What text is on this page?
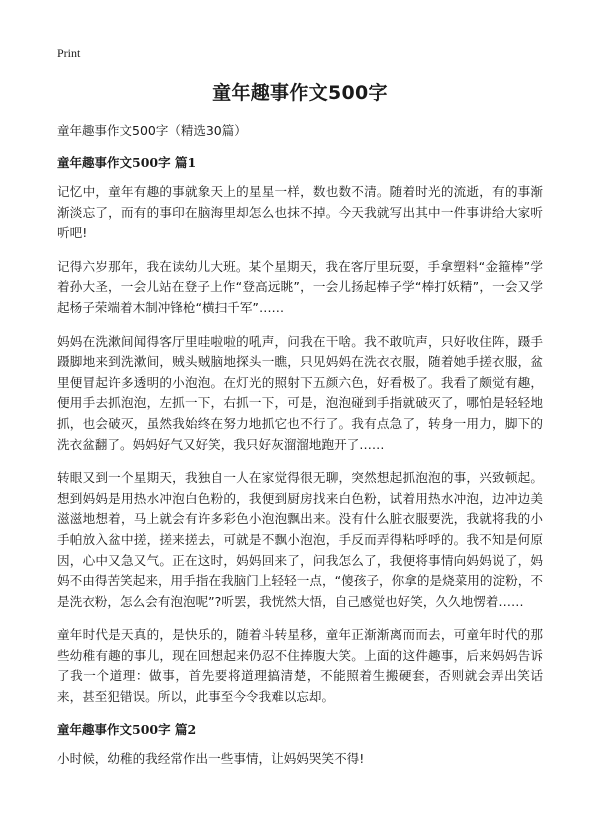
Print
童年趣事作文500字
童年趣事作文500字（精选30篇）
童年趣事作文500字 篇1

记忆中，童年有趣的事就象天上的星星一样，数也数不清。随着时光的流逝，有的事渐渐淡忘了，而有的事印在脑海里却怎么也抹不掉。今天我就写出其中一件事讲给大家听听吧!

记得六岁那年，我在读幼儿大班。某个星期天，我在客厅里玩耍，手拿塑料“金箍棒”学着孙大圣，一会儿站在登子上作“登高远眺”，一会儿扬起棒子学“棒打妖精”，一会又学起杨子荣端着木制冲锋枪“横扫千军”……

妈妈在洗漱间闻得客厅里哇啦啦的吼声，问我在干啥。我不敢吭声，只好收住阵，蹑手蹑脚地来到洗漱间，贼头贼脑地探头一瞧，只见妈妈在洗衣衣服，随着她手搓衣服，盆里便冒起许多透明的小泡泡。在灯光的照射下五颜六色，好看极了。我看了颇觉有趣，便用手去抓泡泡，左抓一下，右抓一下，可是，泡泡碰到手指就破灭了，哪怕是轻轻地抓，也会破灭，虽然我始终在努力地抓它也不行了。我有点急了，转身一用力，脚下的洗衣盆翻了。妈妈好气又好笑，我只好灰溜溜地跑开了……

转眼又到一个星期天，我独自一人在家觉得很无聊，突然想起抓泡泡的事，兴致顿起。想到妈妈是用热水冲泡白色粉的，我便到厨房找来白色粉，试着用热水冲泡，边冲边美滋滋地想着，马上就会有许多彩色小泡泡飘出来。没有什么脏衣服要洗，我就将我的小手帕放入盆中搓，搓来搓去，可就是不飘小泡泡，手反而弄得粘呼呼的。我不知是何原因，心中又急又气。正在这时，妈妈回来了，问我怎么了，我便将事情向妈妈说了，妈妈不由得苦笑起来，用手指在我脑门上轻轻一点，“傻孩子，你拿的是烧菜用的淀粉，不是洗衣粉，怎么会有泡泡呢”?听罢，我恍然大悟，自己感觉也好笑，久久地愣着……

童年时代是天真的，是快乐的，随着斗转星移，童年正渐渐离而而去，可童年时代的那些幼稚有趣的事儿，现在回想起来仍忍不住捧腹大笑。上面的这件趣事，后来妈妈告诉了我一个道理：做事，首先要将道理搞清楚，不能照着生搬硬套，否则就会弄出笑话来，甚至犯错误。所以，此事至今令我难以忘却。

童年趣事作文500字 篇2

小时候，幼稚的我经常作出一些事情，让妈妈哭笑不得!
